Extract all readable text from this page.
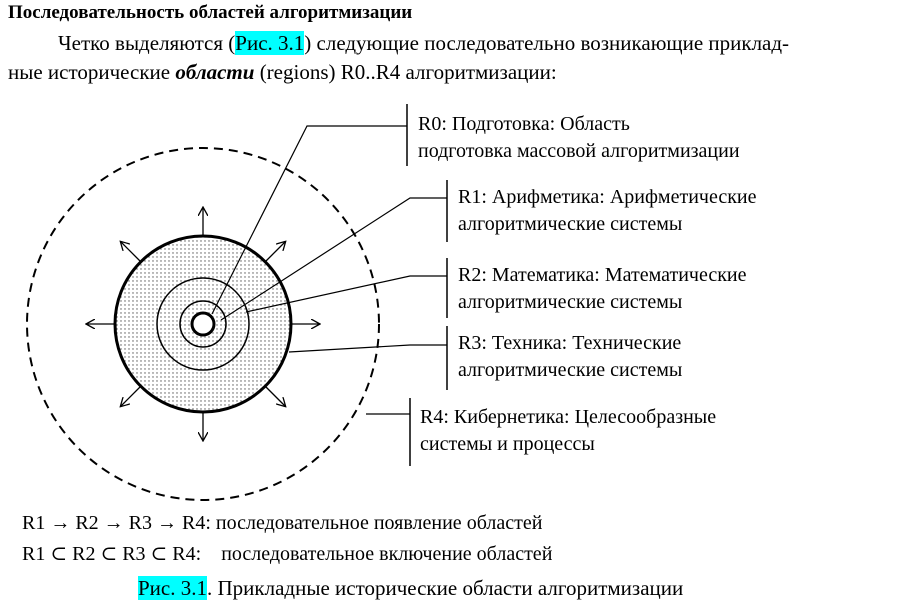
Последовательность областей алгоритмизации
Четко выделяются (Рис. 3.1) следующие последовательно возникающие приклад-
ные исторические области (regions) R0..R4 алгоритмизации:
R0: Подготовка: Область
подготовка массовой алгоритмизации
R1: Арифметика: Арифметические
алгоритмические системы
R2: Математика: Математические
алгоритмические системы
R3: Техника: Технические
алгоритмические системы
R4: Кибернетика: Целесообразные
системы и процессы
R1 → R2 → R3 → R4: последовательное появление областей
R1 ⊂ R2 ⊂ R3 ⊂ R4:    последовательное включение областей
Рис. 3.1. Прикладные исторические области алгоритмизации
